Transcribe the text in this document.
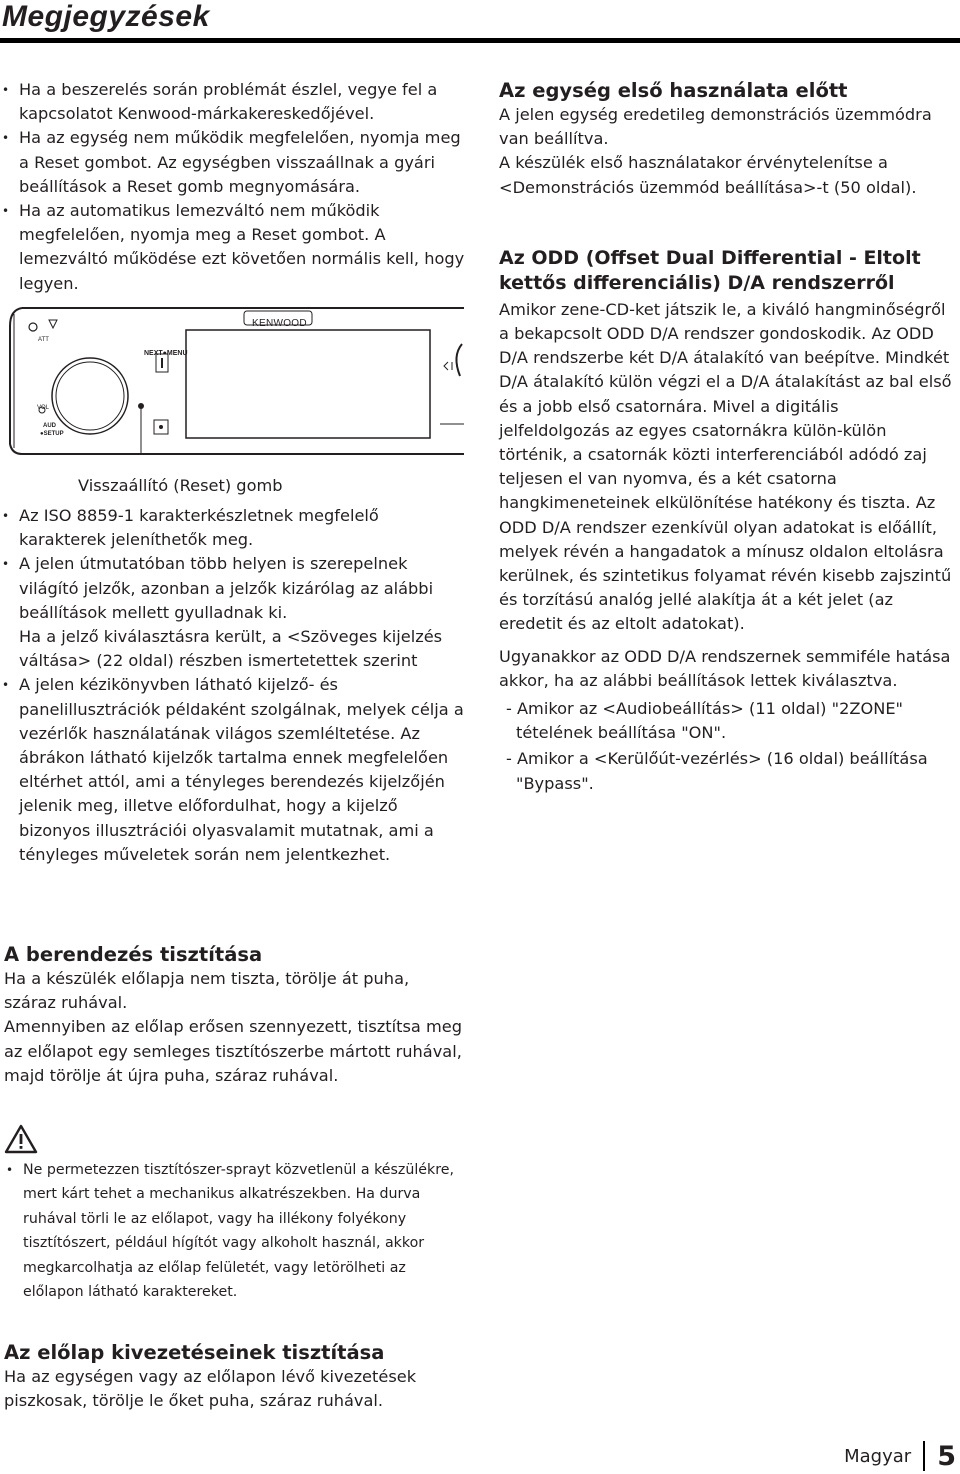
Megjegyzések
• Ha a beszerelés során problémát észlel, vegye fel a kapcsolatot Kenwood-márkakereskedőjével.
• Ha az egység nem működik megfelelően, nyomja meg a Reset gombot. Az egységben visszaállnak a gyári beállítások a Reset gomb megnyomására.
• Ha az automatikus lemezváltó nem működik megfelelően, nyomja meg a Reset gombot. A lemezváltó működése ezt követően normális kell, hogy legyen.
KENWOOD
ATT
NEXT●MENU
VOL
AUD
●SETUP
Visszaállító (Reset) gomb
• Az ISO 8859-1 karakterkészletnek megfelelő karakterek jeleníthetők meg.
• A jelen útmutatóban több helyen is szerepelnek világító jelzők, azonban a jelzők kizárólag az alábbi beállítások mellett gyulladnak ki.
Ha a jelző kiválasztásra került, a <Szöveges kijelzés váltása> (22 oldal) részben ismertetettek szerint
• A jelen kézikönyvben látható kijelző- és panelillusztrációk példaként szolgálnak, melyek célja a vezérlők használatának világos szemléltetése. Az ábrákon látható kijelzők tartalma ennek megfelelően eltérhet attól, ami a tényleges berendezés kijelzőjén jelenik meg, illetve előfordulhat, hogy a kijelző bizonyos illusztrációi olyasvalamit mutatnak, ami a tényleges műveletek során nem jelentkezhet.
A berendezés tisztítása

Ha a készülék előlapja nem tiszta, törölje át puha, száraz ruhával.

Amennyiben az előlap erősen szennyezett, tisztítsa meg az előlapot egy semleges tisztítószerbe mártott ruhával, majd törölje át újra puha, száraz ruhával.

• Ne permetezzen tisztítószer-sprayt közvetlenül a készülékre, mert kárt tehet a mechanikus alkatrészekben. Ha durva ruhával törli le az előlapot, vagy ha illékony folyékony tisztítószert, például hígítót vagy alkoholt használ, akkor megkarcolhatja az előlap felületét, vagy letörölheti az előlapon látható karaktereket.
Az előlap kivezetéseinek tisztítása

Ha az egységen vagy az előlapon lévő kivezetések piszkosak, törölje le őket puha, száraz ruhával.

Az egység első használata előtt

A jelen egység eredetileg demonstrációs üzemmódra van beállítva.

A készülék első használatakor érvénytelenítse a <Demonstrációs üzemmód beállítása>-t (50 oldal).

Az ODD (Offset Dual Differential - Eltolt kettős differenciális) D/A rendszerről

Amikor zene-CD-ket játszik le, a kiváló hangminőségről a bekapcsolt ODD D/A rendszer gondoskodik. Az ODD D/A rendszerbe két D/A átalakító van beépítve. Mindkét D/A átalakító külön végzi el a D/A átalakítást az bal első és a jobb első csatornára. Mivel a digitális jelfeldolgozás az egyes csatornákra külön-külön történik, a csatornák közti interferenciából adódó zaj teljesen el van nyomva, és a két csatorna hangkimeneteinek elkülönítése hatékony és tiszta. Az ODD D/A rendszer ezenkívül olyan adatokat is előállít, melyek révén a hangadatok a mínusz oldalon eltolásra kerülnek, és szintetikus folyamat révén kisebb zajszintű és torzítású analóg jellé alakítja át a két jelet (az eredetit és az eltolt adatokat).

Ugyanakkor az ODD D/A rendszernek semmiféle hatása akkor, ha az alábbi beállítások lettek kiválasztva.

- Amikor az <Audiobeállítás> (11 oldal) "2ZONE" tételének beállítása "ON".

- Amikor a <Kerülőút-vezérlés> (16 oldal) beállítása "Bypass".

Magyar 5
